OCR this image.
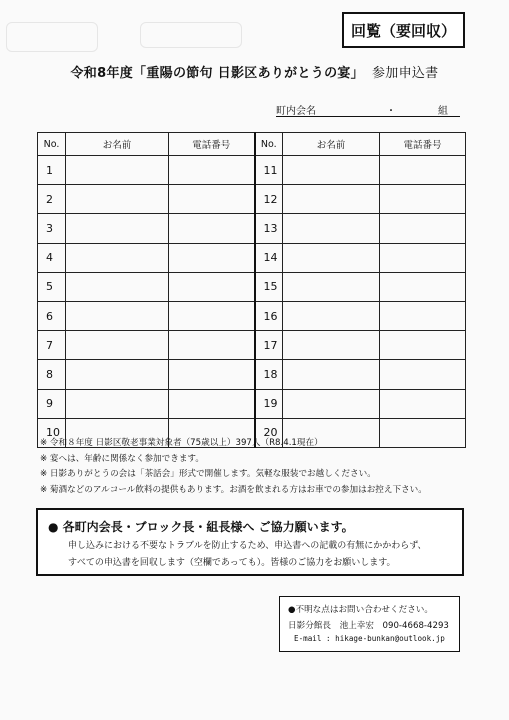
回覧（要回収）
令和8年度「重陽の節句 日影区ありがとうの宴」 参加申込書
町内会名	・	組
No.	お名前	電話番号	No.	お名前	電話番号
1			11		
2			12		
3			13		
4			14		
5			15		
6			16		
7			17		
8			18		
9			19		
10			20		
※ 令和８年度 日影区敬老事業対象者（75歳以上）397人（R8.4.1現在）
※ 宴へは、年齢に関係なく参加できます。
※ 日影ありがとうの会は「茶話会」形式で開催します。気軽な服装でお越しください。
※ 菊酒などのアルコール飲料の提供もあります。お酒を飲まれる方はお車での参加はお控え下さい。
● 各町内会長・ブロック長・組長様へ ご協力願います。
申し込みにおける不要なトラブルを防止するため、申込書への記載の有無にかかわらず、
すべての申込書を回収します（空欄であっても）。皆様のご協力をお願いします。
●不明な点はお問い合わせください。
日影分館長　池上幸宏　090-4668-4293
E-mail : hikage-bunkan@outlook.jp
